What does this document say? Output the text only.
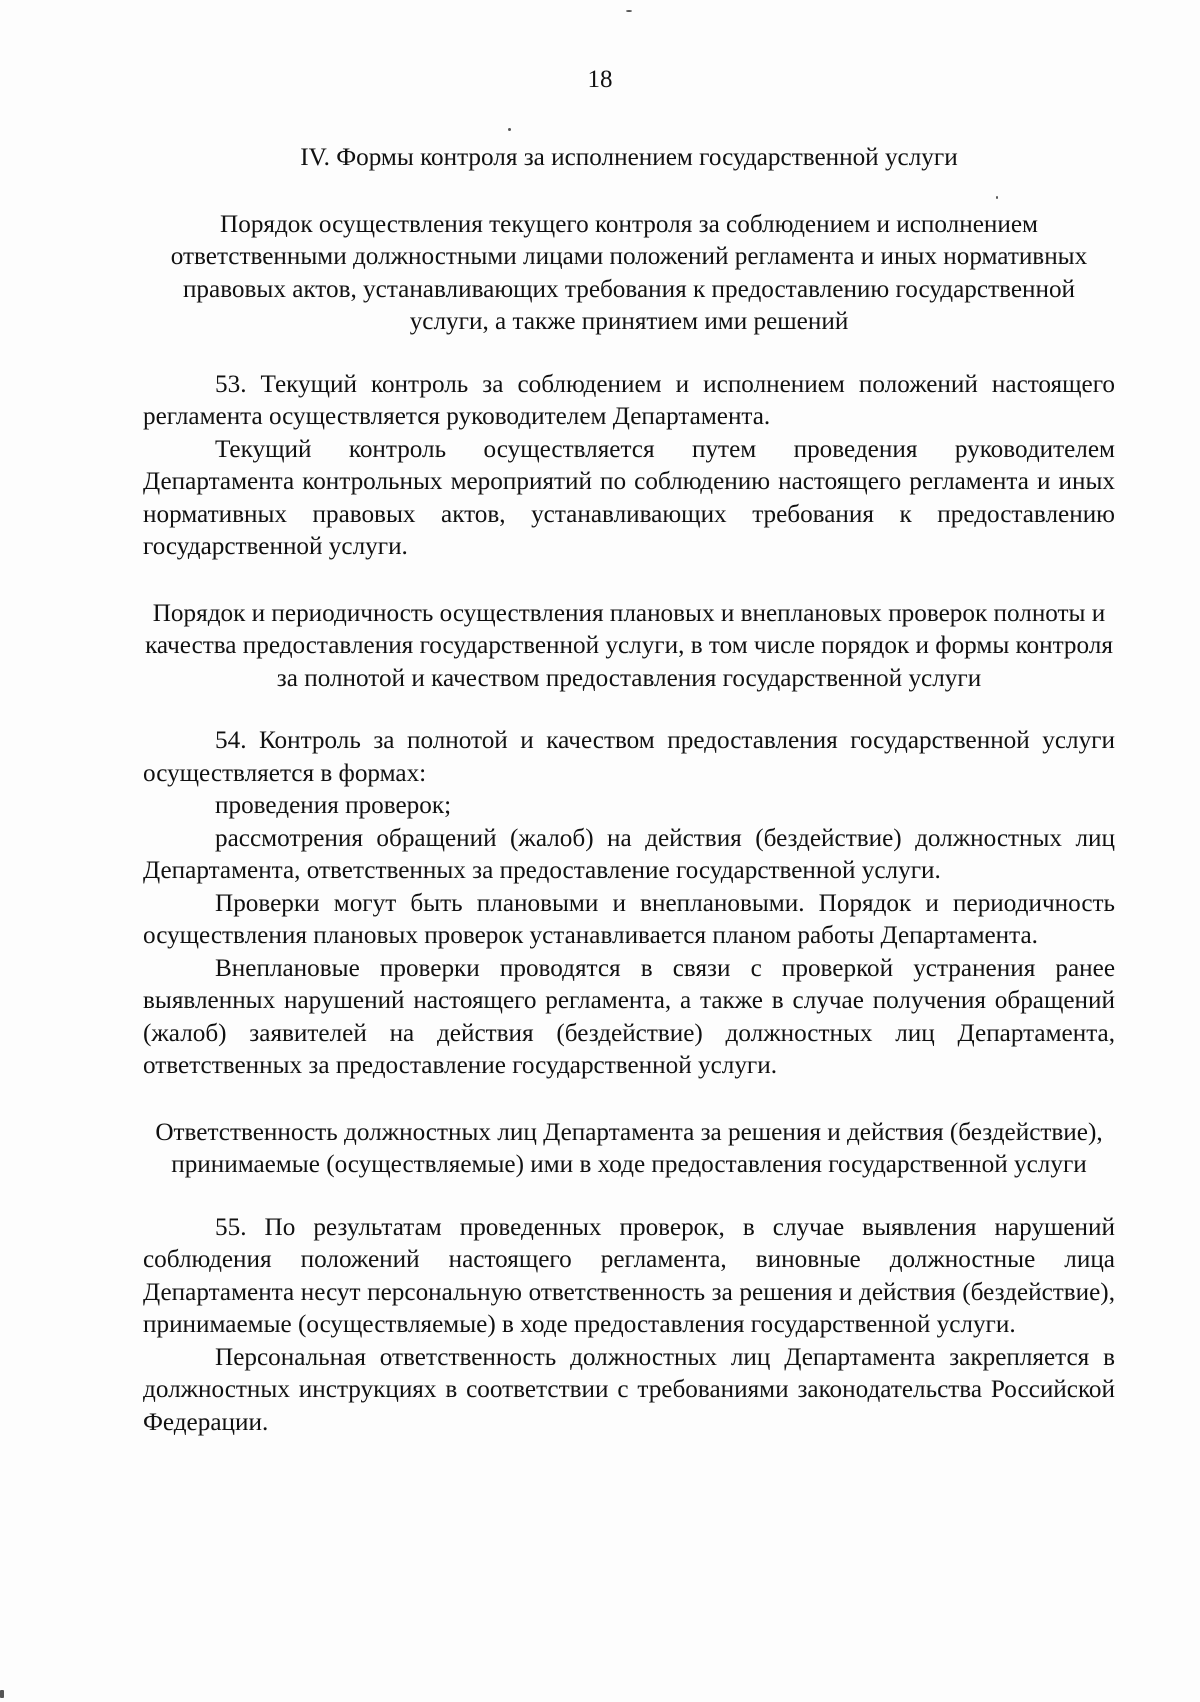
18

IV. Формы контроля за исполнением государственной услуги

Порядок осуществления текущего контроля за соблюдением и исполнением ответственными должностными лицами положений регламента и иных нормативных правовых актов, устанавливающих требования к предоставлению государственной услуги, а также принятием ими решений

53. Текущий контроль за соблюдением и исполнением положений настоящего регламента осуществляется руководителем Департамента.

Текущий контроль осуществляется путем проведения руководителем Департамента контрольных мероприятий по соблюдению настоящего регламента и иных нормативных правовых актов, устанавливающих требования к предоставлению государственной услуги.

Порядок и периодичность осуществления плановых и внеплановых проверок полноты и качества предоставления государственной услуги, в том числе порядок и формы контроля за полнотой и качеством предоставления государственной услуги

54. Контроль за полнотой и качеством предоставления государственной услуги осуществляется в формах:

проведения проверок;

рассмотрения обращений (жалоб) на действия (бездействие) должностных лиц Департамента, ответственных за предоставление государственной услуги.

Проверки могут быть плановыми и внеплановыми. Порядок и периодичность осуществления плановых проверок устанавливается планом работы Департамента.

Внеплановые проверки проводятся в связи с проверкой устранения ранее выявленных нарушений настоящего регламента, а также в случае получения обращений (жалоб) заявителей на действия (бездействие) должностных лиц Департамента, ответственных за предоставление государственной услуги.

Ответственность должностных лиц Департамента за решения и действия (бездействие), принимаемые (осуществляемые) ими в ходе предоставления государственной услуги

55. По результатам проведенных проверок, в случае выявления нарушений соблюдения положений настоящего регламента, виновные должностные лица Департамента несут персональную ответственность за решения и действия (бездействие), принимаемые (осуществляемые) в ходе предоставления государственной услуги.

Персональная ответственность должностных лиц Департамента закрепляется в должностных инструкциях в соответствии с требованиями законодательства Российской Федерации.
